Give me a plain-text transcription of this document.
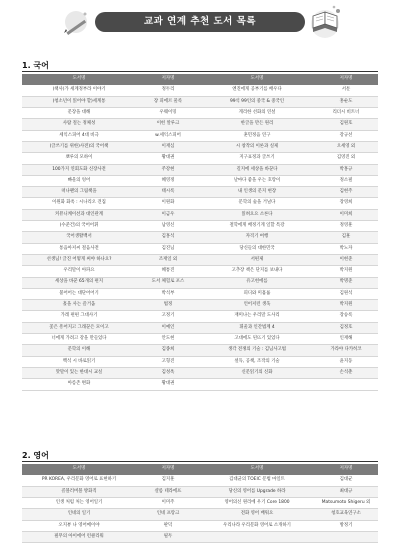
교과 연계 추천 도서 목록
1. 국어
도서명	저자명	도서명	저자명
(책사)가 세계정부라 이야기	정두리	엔진에게 공부기를 배우다	서툰
(청소년이 읽어야 할)세계통	장 피에르 물록	99석 99인의 중국 & 중국인	홍순도
문장을 대해	우웨이밍	게리한 선화의 연설	리더시 비트너
사람 절는 정체성	이헌 알루크	한글을 만든 원리	김원호
세익스피어 4대 비극	w.세익스피어	훈민정음 연구	강규선
(글쓰기를 위한)사전)의 국어책	이재심	시 창작의 이론과 실제	오세영 외
뽀루의 모하이	황대권	지구표정과 글쓰기	김영진 외
100가지 연회도화 신장사전	주강현	길지에 세상을 바꾼다	박홍규
빠울의 엉어	혜영정	날마다 좋을 우는 호랑이	정소필
떠나팬의 그림책을	태시록	내 인생의 문지 현장	김현주
이원화 화옥 : 시나리오 견집	이원화	문학의 숲을 거닐다	장영희
커뮤니케이션과 대인관계	이금우	읽혀요요 소론다	이미희
(수준건)의 국어어휘	남영신	철학에게 배정기게 일할 특강	정영훈
국어생활백서	김홍석	자격기 여행	김훈
통음아저씨 철음사전	김진님	당신들의 대한민국	박노자
선생님! 글진 어떻게 써야 하나요?	조재일 외	서편제	이현준
우리말이 아파요	혜통진	고추장 책은 단지를 보내다	박지원
세상을 바꾼 65개의 편지	도서 체험로 포스	유고헌에를	박명준
불어어는 대단어어기	박석부	피디와 미흡률	김원석
흘을 사는 즐거움	법정	언어저런 생욱	박지원
가레 편편 그대사기	고정기	재미나는 우리말 도사리	장승록
꽃은 흥어지고 그래꾼은 모이고	이예인	휘울과 인간법계 4	김정호
너에게 가려고 강을 만들었다	안도현	고대에도 된뜨기 있었다	인재해
문학의 이해	김종희	생각 전쟁의 기술 : 김님사고법	가라야 다카히코
백석 시 바로읽기	고형진	설득, 공책, 조작의 기술	윤지동
맛말이 있는 한대시 교실	김성옥	신문읽기의 신화	손석춘
아름존 변화	황대권		
2. 영어
도서명	저자명	도서명	저자명
PR KOREA, 우리문화 영어로 표현하기	김지훈	김대균의 TOEIC 문법 마일트	김대균
콜블러버블 방화직	샬롬 테라에프	당신의 영어를 Upgrade 하라	최대규
인생 처럼 처는 영어일기	이미주	영어의신 원리에 우기 Core 1800	Matsumoto Shigeru 외
인네의 일기	인네 프랑크	전화 영어 배워요	청호교육연구소
오지뷰 나 영어메이야	판덕	우리나라 우리문화 영어로 소개하기	방정기
필무의 아이에어 런클리워	필두		
